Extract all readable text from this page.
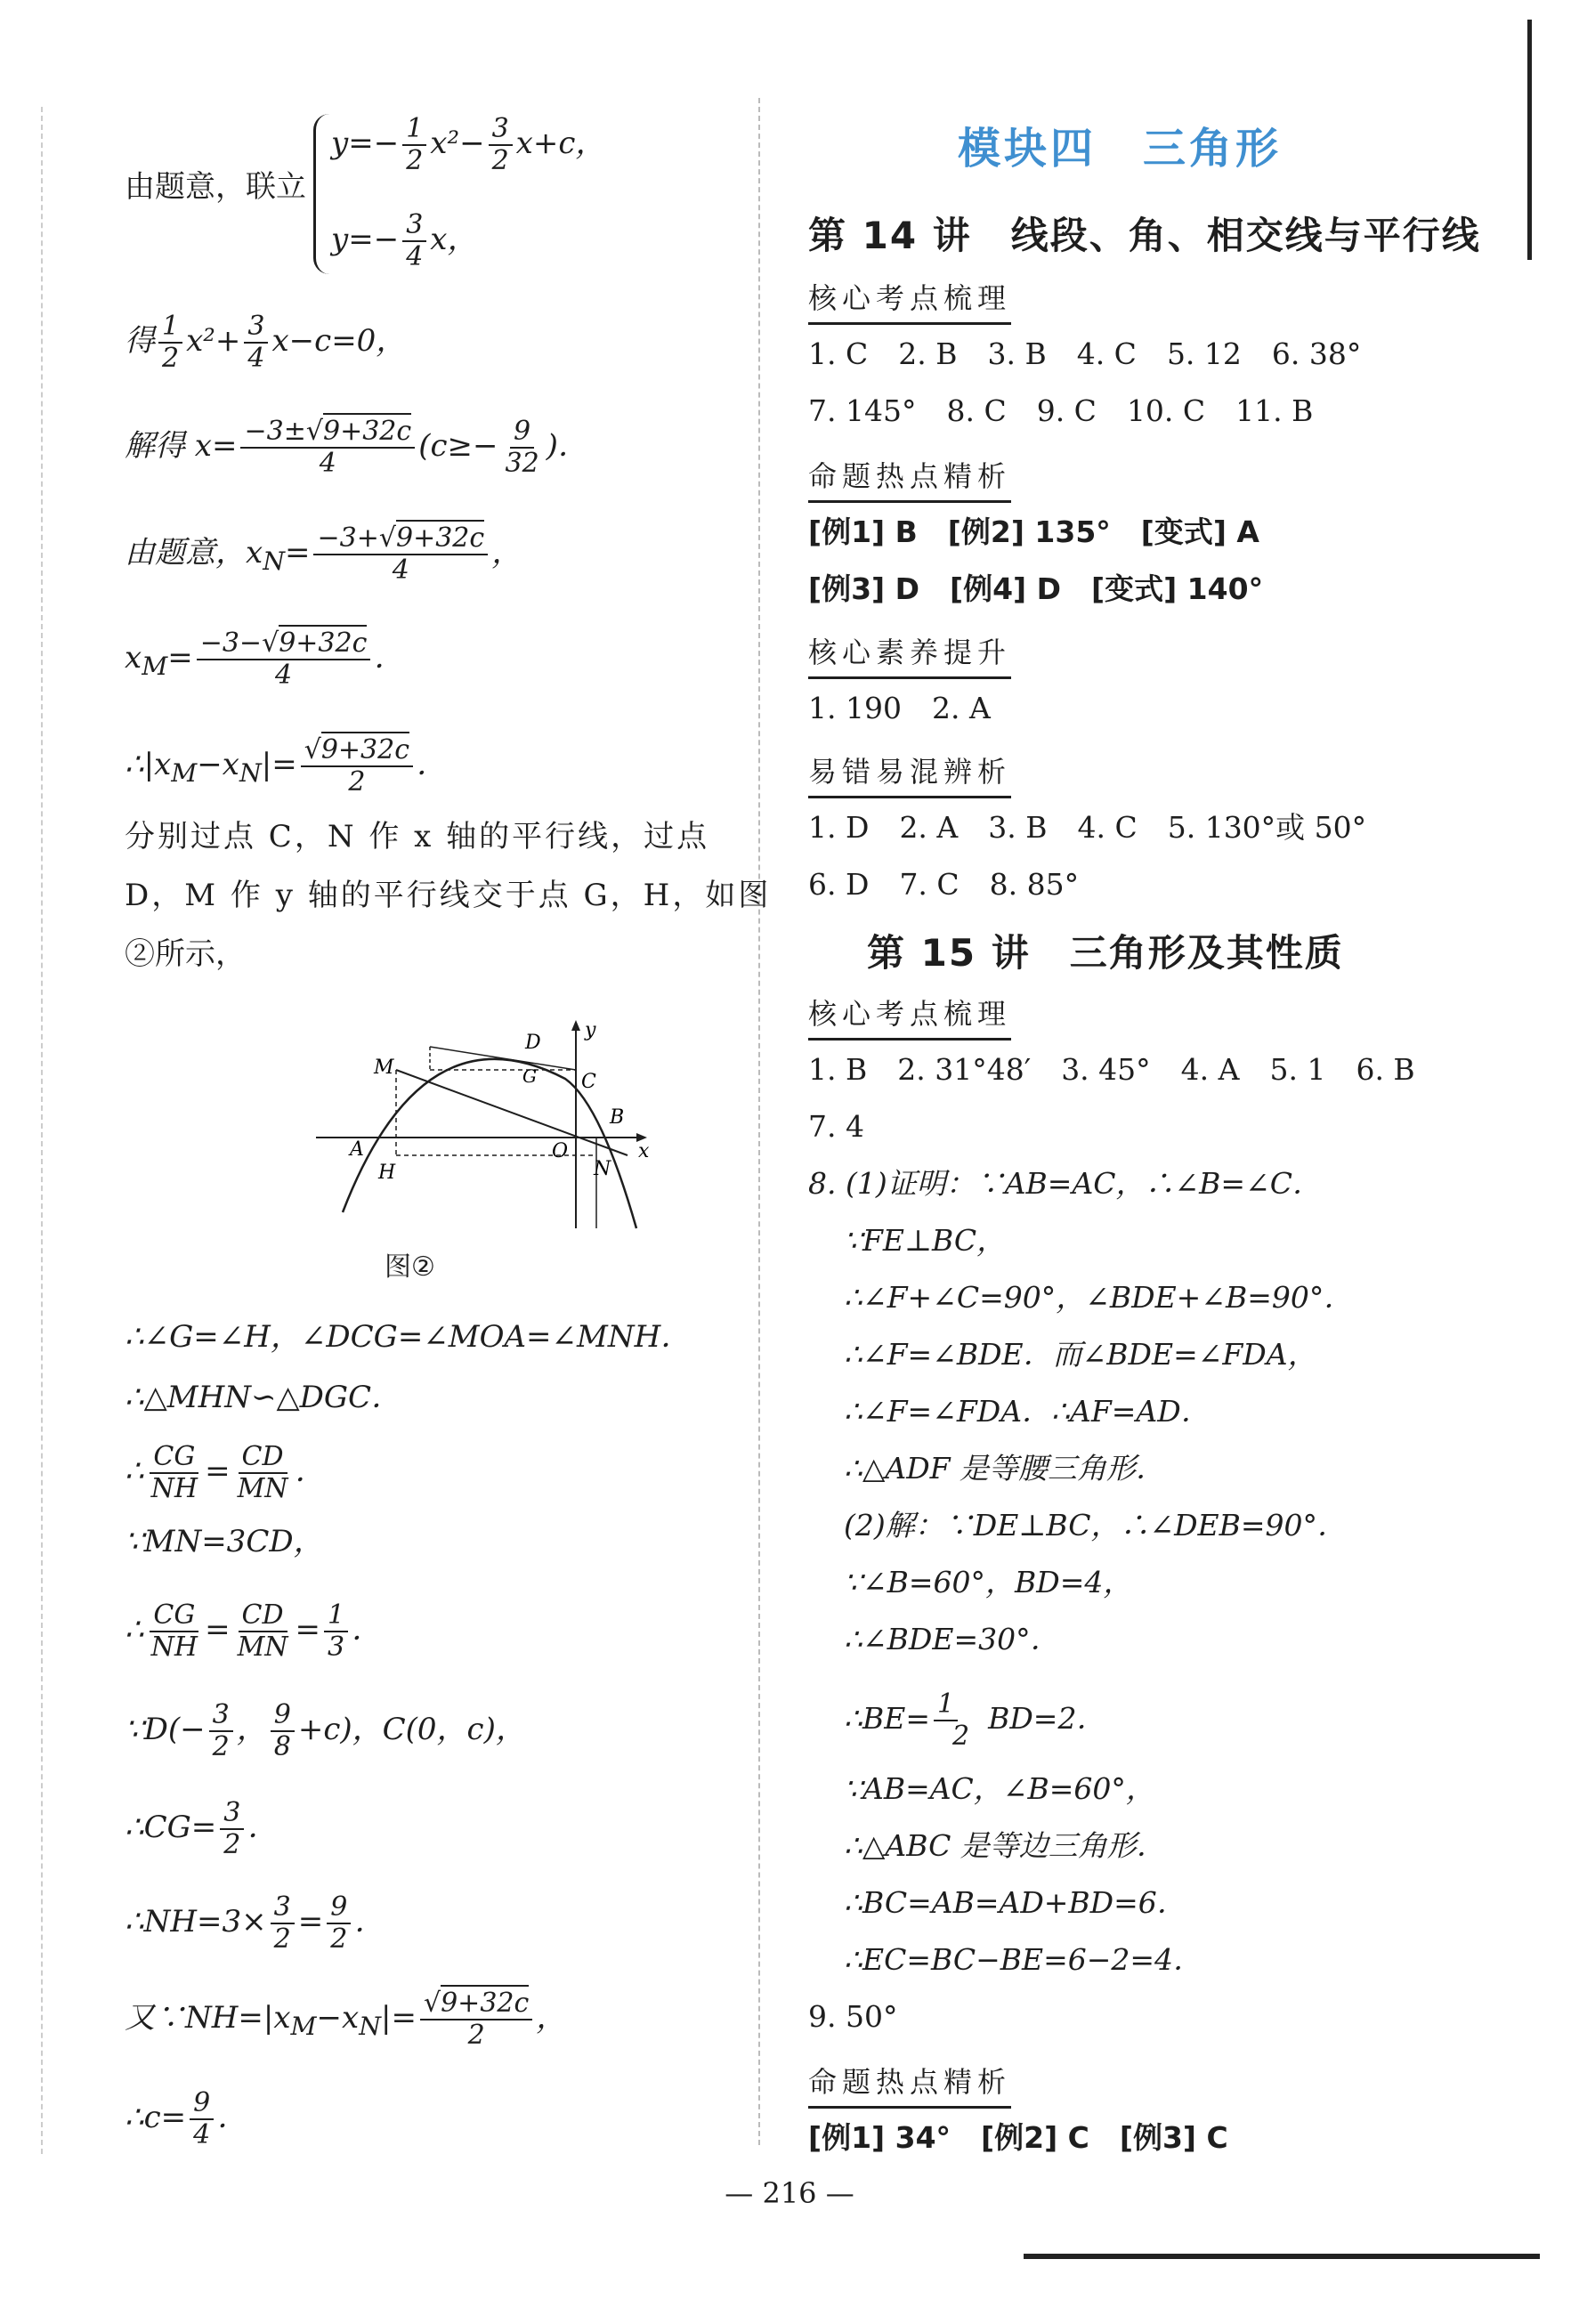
由题意，联立
$y=- \frac{1}{2} x^2- \frac{3}{2} x+c$，
$y=- \frac{3}{4}$ x，
得 $\frac{1}{2} x^2+ \frac{3}{4} x-c=0$，
解得 $x= \frac{-3\pm√9+32c}{4} (c\ge- \frac{9}{32}$ )．
由题意，$x_N= \frac{-3+√9+32c}{4}$ ，
$x_M= \frac{-3-√9+32c}{4}$ ．
$\therefore|x_M-x_N|= \frac{√9+32c}{2}$ ．
分别过点 C，N 作 x 轴的平行线，过点
D，M 作 y 轴的平行线交于点 G，H，如图
②所示，
D
y
M	G C
B
A	O	x
H	N
图②
∴∠G=∠H，∠DCG=∠MOA=∠MNH．
∴△MHN∽△DGC．
∴ $\frac{CG}{NH} = \frac{CD}{MN}$ ．
∵MN=3CD，
∴ $\frac{CG}{NH} = \frac{CD}{MN} = \frac{1}{3}$ ．
∵D(− $\frac{3}{2}$ ， $\frac{9}{8} +c$)，C(0，c)，
∴CG= $\frac{3}{2}$ ．
∴NH=3× $\frac{3}{2} = \frac{9}{2}$ ．
又$\because NH=|x_M-x_N|= \frac{√9+32c}{2}$ ，
∴c= $\frac{9}{4}$ ．
模块四　三角形
第 14 讲　线段、角、相交线与平行线
核心考点梳理
1. C 2. B 3. B 4. C 5. 12 6. 38°
7. 145° 8. C 9. C 10. C 11. B
命题热点精析
[例1] B [例2] 135° [变式] A
[例3] D [例4] D [变式] 140°
核心素养提升
1. 190 2. A
易错易混辨析
1. D 2. A 3. B 4. C 5. 130°或 50°
6. D 7. C 8. 85°
第 15 讲　三角形及其性质
核心考点梳理
1. B 2. 31°48′ 3. 45° 4. A 5. 1 6. B
7. 4
8. (1)证明：∵AB=AC，∴∠B=∠C．
∵FE⊥BC，
∴∠F+∠C=90°，∠BDE+∠B=90°．
∴∠F=∠BDE．而∠BDE=∠FDA，
∴∠F=∠FDA．∴AF=AD．
∴△ADF 是等腰三角形．
(2)解：∵DE⊥BC，∴∠DEB=90°．
∵∠B=60°，BD=4，
∴∠BDE=30°．
∴BE= 1
2
BD=2．
∵AB=AC，∠B=60°，
∴△ABC 是等边三角形．
∴BC=AB=AD+BD=6．
∴EC=BC−BE=6−2=4．
9. 50°
命题热点精析
[例1] 34° [例2] C [例3] C
— 216 —
